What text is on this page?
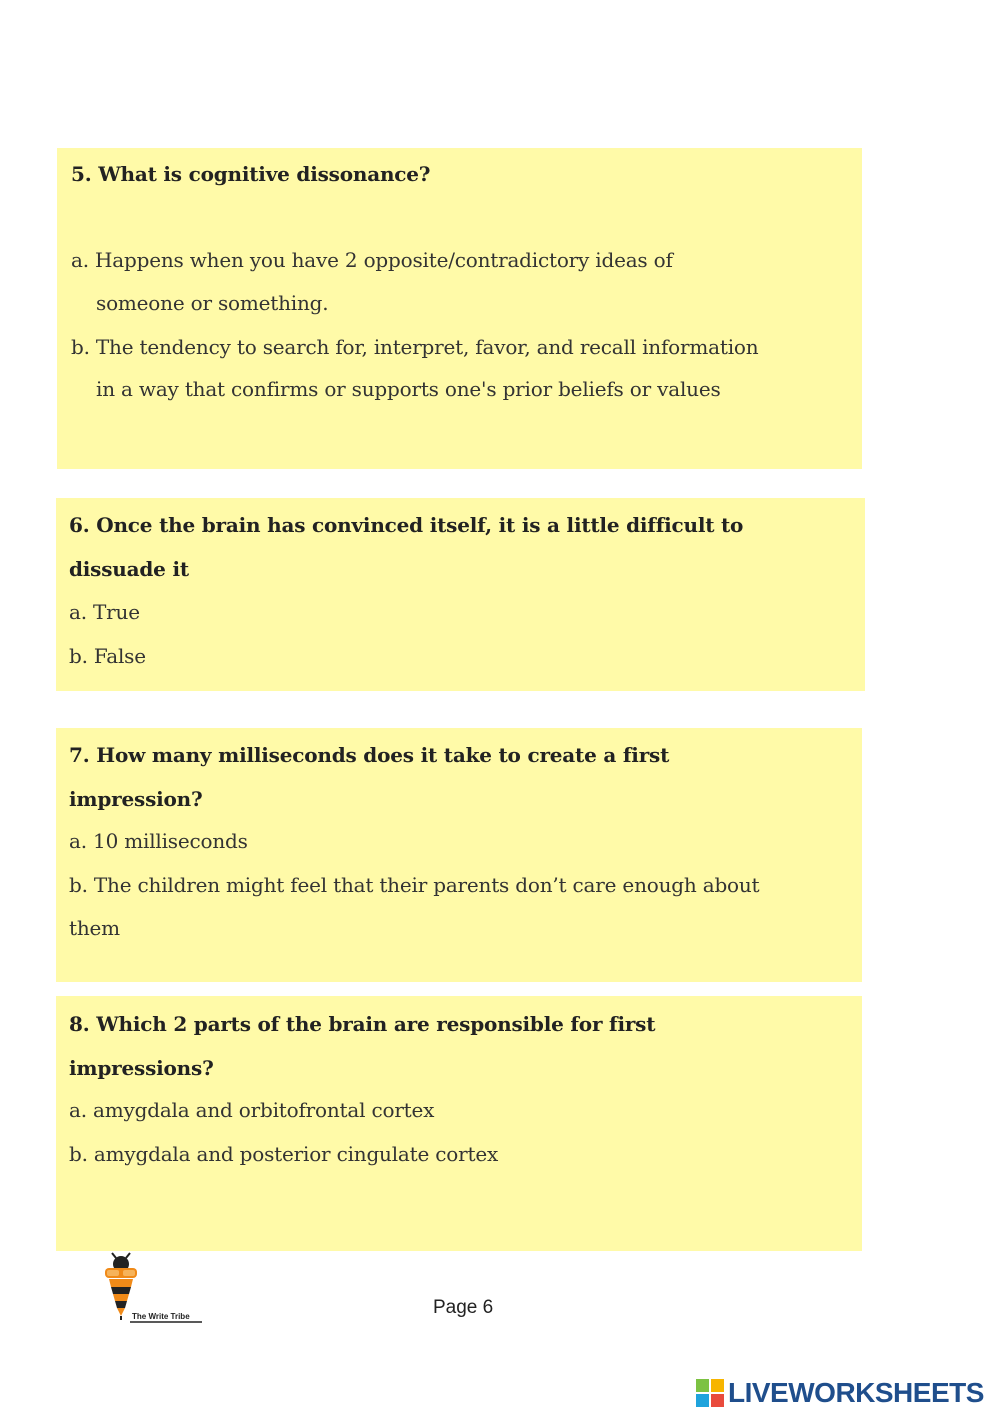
5. What is cognitive dissonance?
a. Happens when you have 2 opposite/contradictory ideas of
someone or something.
b. The tendency to search for, interpret, favor, and recall information
in a way that confirms or supports one's prior beliefs or values
6. Once the brain has convinced itself, it is a little difficult to
dissuade it
a. True
b. False
7. How many milliseconds does it take to create a first
impression?
a. 10 milliseconds
b. The children might feel that their parents don’t care enough about
them
8. Which 2 parts of the brain are responsible for first
impressions?
a. amygdala and orbitofrontal cortex
b. amygdala and posterior cingulate cortex
The Write Tribe	Page 6
LIVEWORKSHEETS
